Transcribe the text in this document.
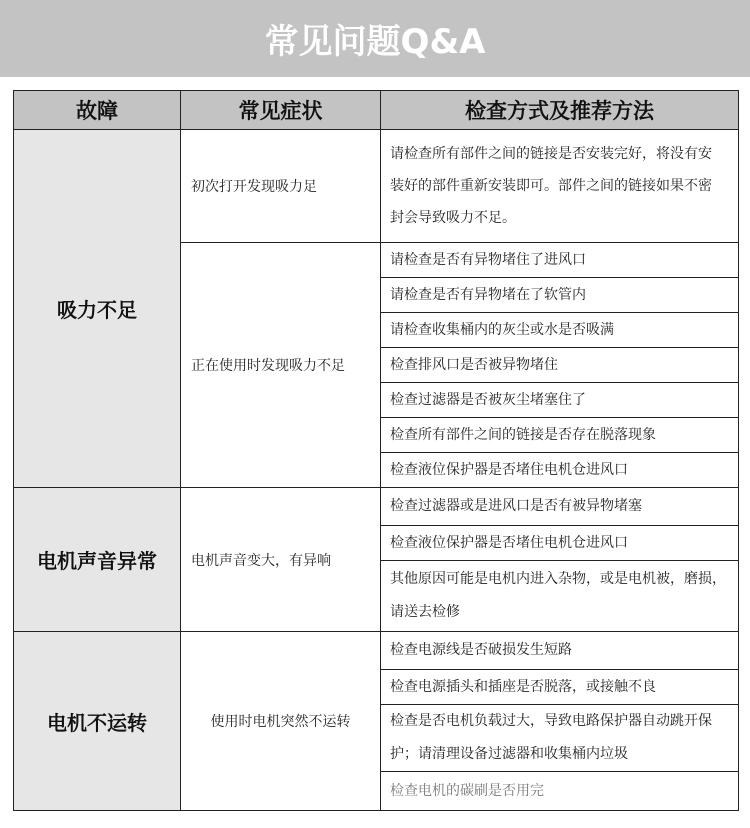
常见问题Q&A
故障	常见症状	检查方式及推荐方法
吸力不足	初次打开发现吸力足	请检查所有部件之间的链接是否安装完好，将没有安装好的部件重新安装即可。部件之间的链接如果不密封会导致吸力不足。
	正在使用时发现吸力不足	请检查是否有异物堵住了进风口
		请检查是否有异物堵在了软管内
		请检查收集桶内的灰尘或水是否吸满
		检查排风口是否被异物堵住
		检查过滤器是否被灰尘堵塞住了
		检查所有部件之间的链接是否存在脱落现象
		检查液位保护器是否堵住电机仓进风口
电机声音异常	电机声音变大，有异响	检查过滤器或是进风口是否有被异物堵塞
		检查液位保护器是否堵住电机仓进风口
		其他原因可能是电机内进入杂物，或是电机被，磨损，请送去检修
电机不运转	使用时电机突然不运转	检查电源线是否破损发生短路
		检查电源插头和插座是否脱落，或接触不良
		检查是否电机负载过大，导致电路保护器自动跳开保护；请清理设备过滤器和收集桶内垃圾
		检查电机的碳刷是否用完
